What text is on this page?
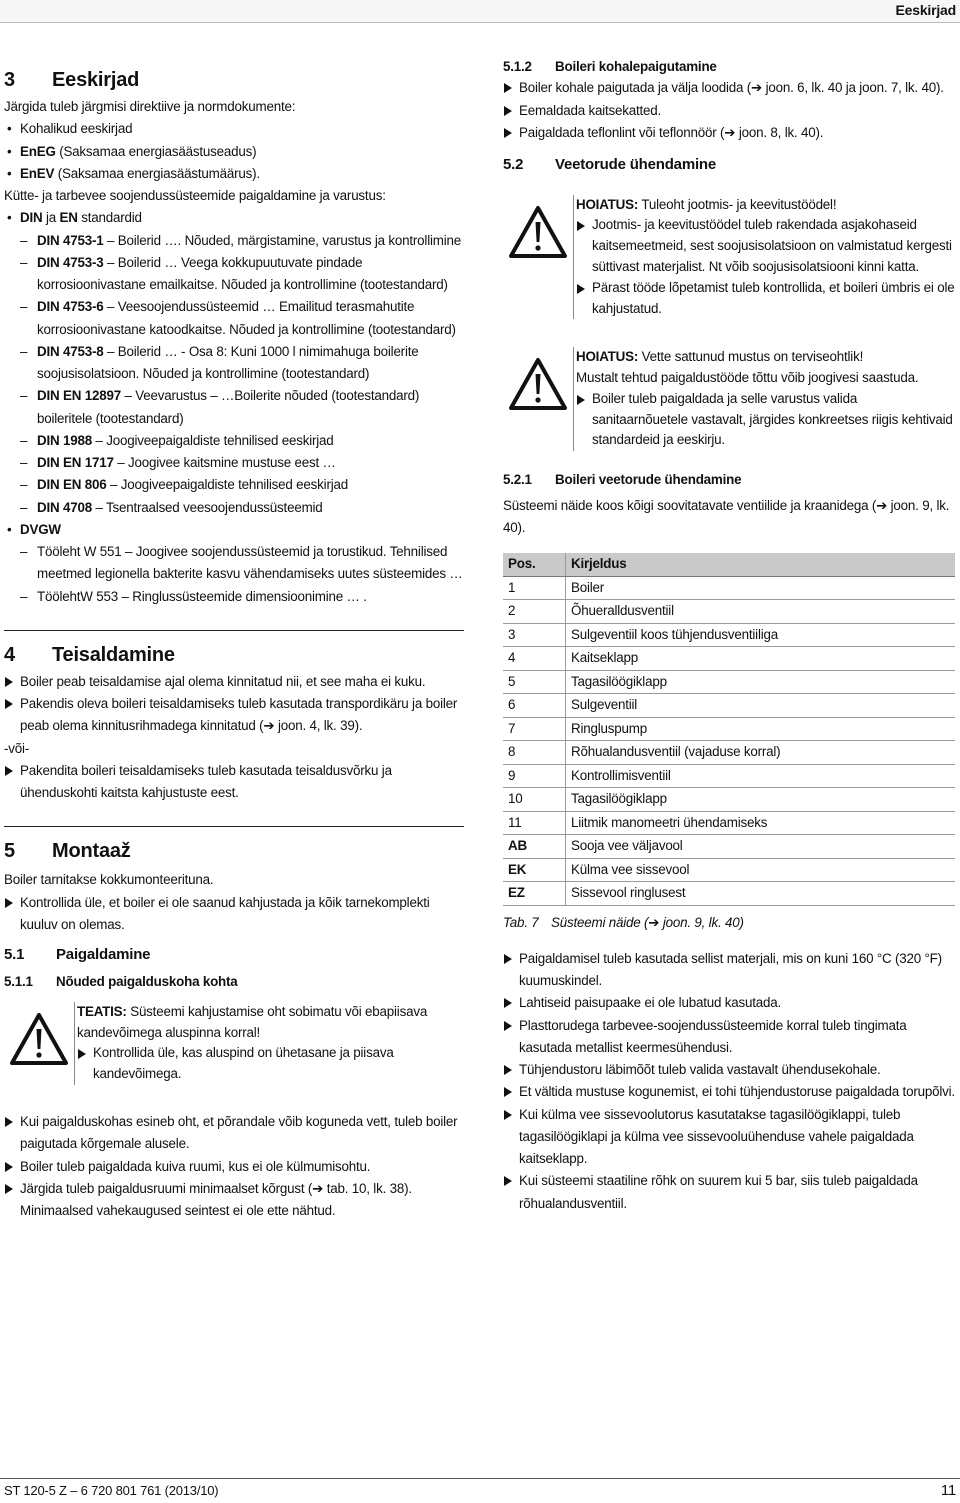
Eeskirjad
3 Eeskirjad

Järgida tuleb järgmisi direktiive ja normdokumente:

• Kohalikud eeskirjad
• EnEG (Saksamaa energiasäästuseadus)
• EnEV (Saksamaa energiasäästumäärus).

Kütte- ja tarbevee soojendussüsteemide paigaldamine ja varustus:

• DIN ja EN standardid
– DIN 4753-1 – Boilerid …. Nõuded, märgistamine, varustus ja kontrollimine
– DIN 4753-3 – Boilerid … Veega kokkupuutuvate pindade korrosioonivastane emailkaitse. Nõuded ja kontrollimine (tootestandard)
– DIN 4753-6 – Veesoojendussüsteemid … Emailitud terasmahutite korrosioonivastane katoodkaitse. Nõuded ja kontrollimine (tootestandard)
– DIN 4753-8 – Boilerid … - Osa 8: Kuni 1000 l nimimahuga boilerite soojusisolatsioon. Nõuded ja kontrollimine (tootestandard)
– DIN EN 12897 – Veevarustus – …Boilerite nõuded (tootestandard) boileritele (tootestandard)
– DIN 1988 – Joogiveepaigaldiste tehnilised eeskirjad
– DIN EN 1717 – Joogivee kaitsmine mustuse eest …
– DIN EN 806 – Joogiveepaigaldiste tehnilised eeskirjad
– DIN 4708 – Tsentraalsed veesoojendussüsteemid
• DVGW
– Tööleht W 551 – Joogivee soojendussüsteemid ja torustikud. Tehnilised meetmed legionella bakterite kasvu vähendamiseks uutes süsteemides …
– TöölehtW 553 – Ringlussüsteemide dimensioonimine … .
4 Teisaldamine
Boiler peab teisaldamise ajal olema kinnitatud nii, et see maha ei kuku.
Pakendis oleva boileri teisaldamiseks tuleb kasutada transpordikäru ja boiler peab olema kinnitusrihmadega kinnitatud (➔ joon. 4, lk. 39).

-või-

Pakendita boileri teisaldamiseks tuleb kasutada teisaldusvõrku ja ühenduskohti kaitsta kahjustuste eest.
5 Montaaž

Boiler tarnitakse kokkumonteerituna.

Kontrollida üle, et boiler ei ole saanud kahjustada ja kõik tarnekomplekti kuuluv on olemas.
5.1 Paigaldamine
5.1.1 Nõuded paigalduskoha kohta

TEATIS: Süsteemi kahjustamise oht sobimatu või ebapiisava kandevõimega aluspinna korral!

Kontrollida üle, kas aluspind on ühetasane ja piisava kandevõimega.
Kui paigalduskohas esineb oht, et põrandale võib koguneda vett, tuleb boiler paigutada kõrgemale alusele.
Boiler tuleb paigaldada kuiva ruumi, kus ei ole külmumisohtu.
Järgida tuleb paigaldusruumi minimaalset kõrgust (➔ tab. 10, lk. 38). Minimaalsed vahekaugused seintest ei ole ette nähtud.
5.1.2 Boileri kohalepaigutamine
Boiler kohale paigutada ja välja loodida (➔ joon. 6, lk. 40 ja joon. 7, lk. 40).
Eemaldada kaitsekatted.
Paigaldada teflonlint või teflonnöör (➔ joon. 8, lk. 40).
5.2 Veetorude ühendamine

HOIATUS: Tuleoht jootmis- ja keevitustöödel!

Jootmis- ja keevitustöödel tuleb rakendada asjakohaseid kaitsemeetmeid, sest soojusisolatsioon on valmistatud kergesti süttivast materjalist. Nt võib soojusisolatsiooni kinni katta.
Pärast tööde lõpetamist tuleb kontrollida, et boileri ümbris ei ole kahjustatud.

HOIATUS: Vette sattunud mustus on terviseohtlik!

Mustalt tehtud paigaldustööde tõttu võib joogivesi saastuda.

Boiler tuleb paigaldada ja selle varustus valida sanitaarnõuetele vastavalt, järgides konkreetses riigis kehtivaid standardeid ja eeskirju.
5.2.1 Boileri veetorude ühendamine

Süsteemi näide koos kõigi soovitatavate ventiilide ja kraanidega (➔ joon. 9, lk. 40).

Pos.	Kirjeldus
1	Boiler
2	Õhueralldusventiil
3	Sulgeventiil koos tühjendusventiiliga
4	Kaitseklapp
5	Tagasilöögiklapp
6	Sulgeventiil
7	Ringluspump
8	Rõhualandusventiil (vajaduse korral)
9	Kontrollimisventiil
10	Tagasilöögiklapp
11	Liitmik manomeetri ühendamiseks
AB	Sooja vee väljavool
EK	Külma vee sissevool
EZ	Sissevool ringlusest

Tab. 7 Süsteemi näide (➔ joon. 9, lk. 40)

Paigaldamisel tuleb kasutada sellist materjali, mis on kuni 160 °C (320 °F) kuumuskindel.
Lahtiseid paisupaake ei ole lubatud kasutada.
Plasttorudega tarbevee-soojendussüsteemide korral tuleb tingimata kasutada metallist keermesühendusi.
Tühjendustoru läbimõõt tuleb valida vastavalt ühendusekohale.
Et vältida mustuse kogunemist, ei tohi tühjendustoruse paigaldada torupõlvi.
Kui külma vee sissevoolutorus kasutatakse tagasilöögiklappi, tuleb tagasilöögiklapi ja külma vee sissevooluühenduse vahele paigaldada kaitseklapp.
Kui süsteemi staatiline rõhk on suurem kui 5 bar, siis tuleb paigaldada rõhualandusventiil.
ST 120-5 Z – 6 720 801 761 (2013/10)	11
